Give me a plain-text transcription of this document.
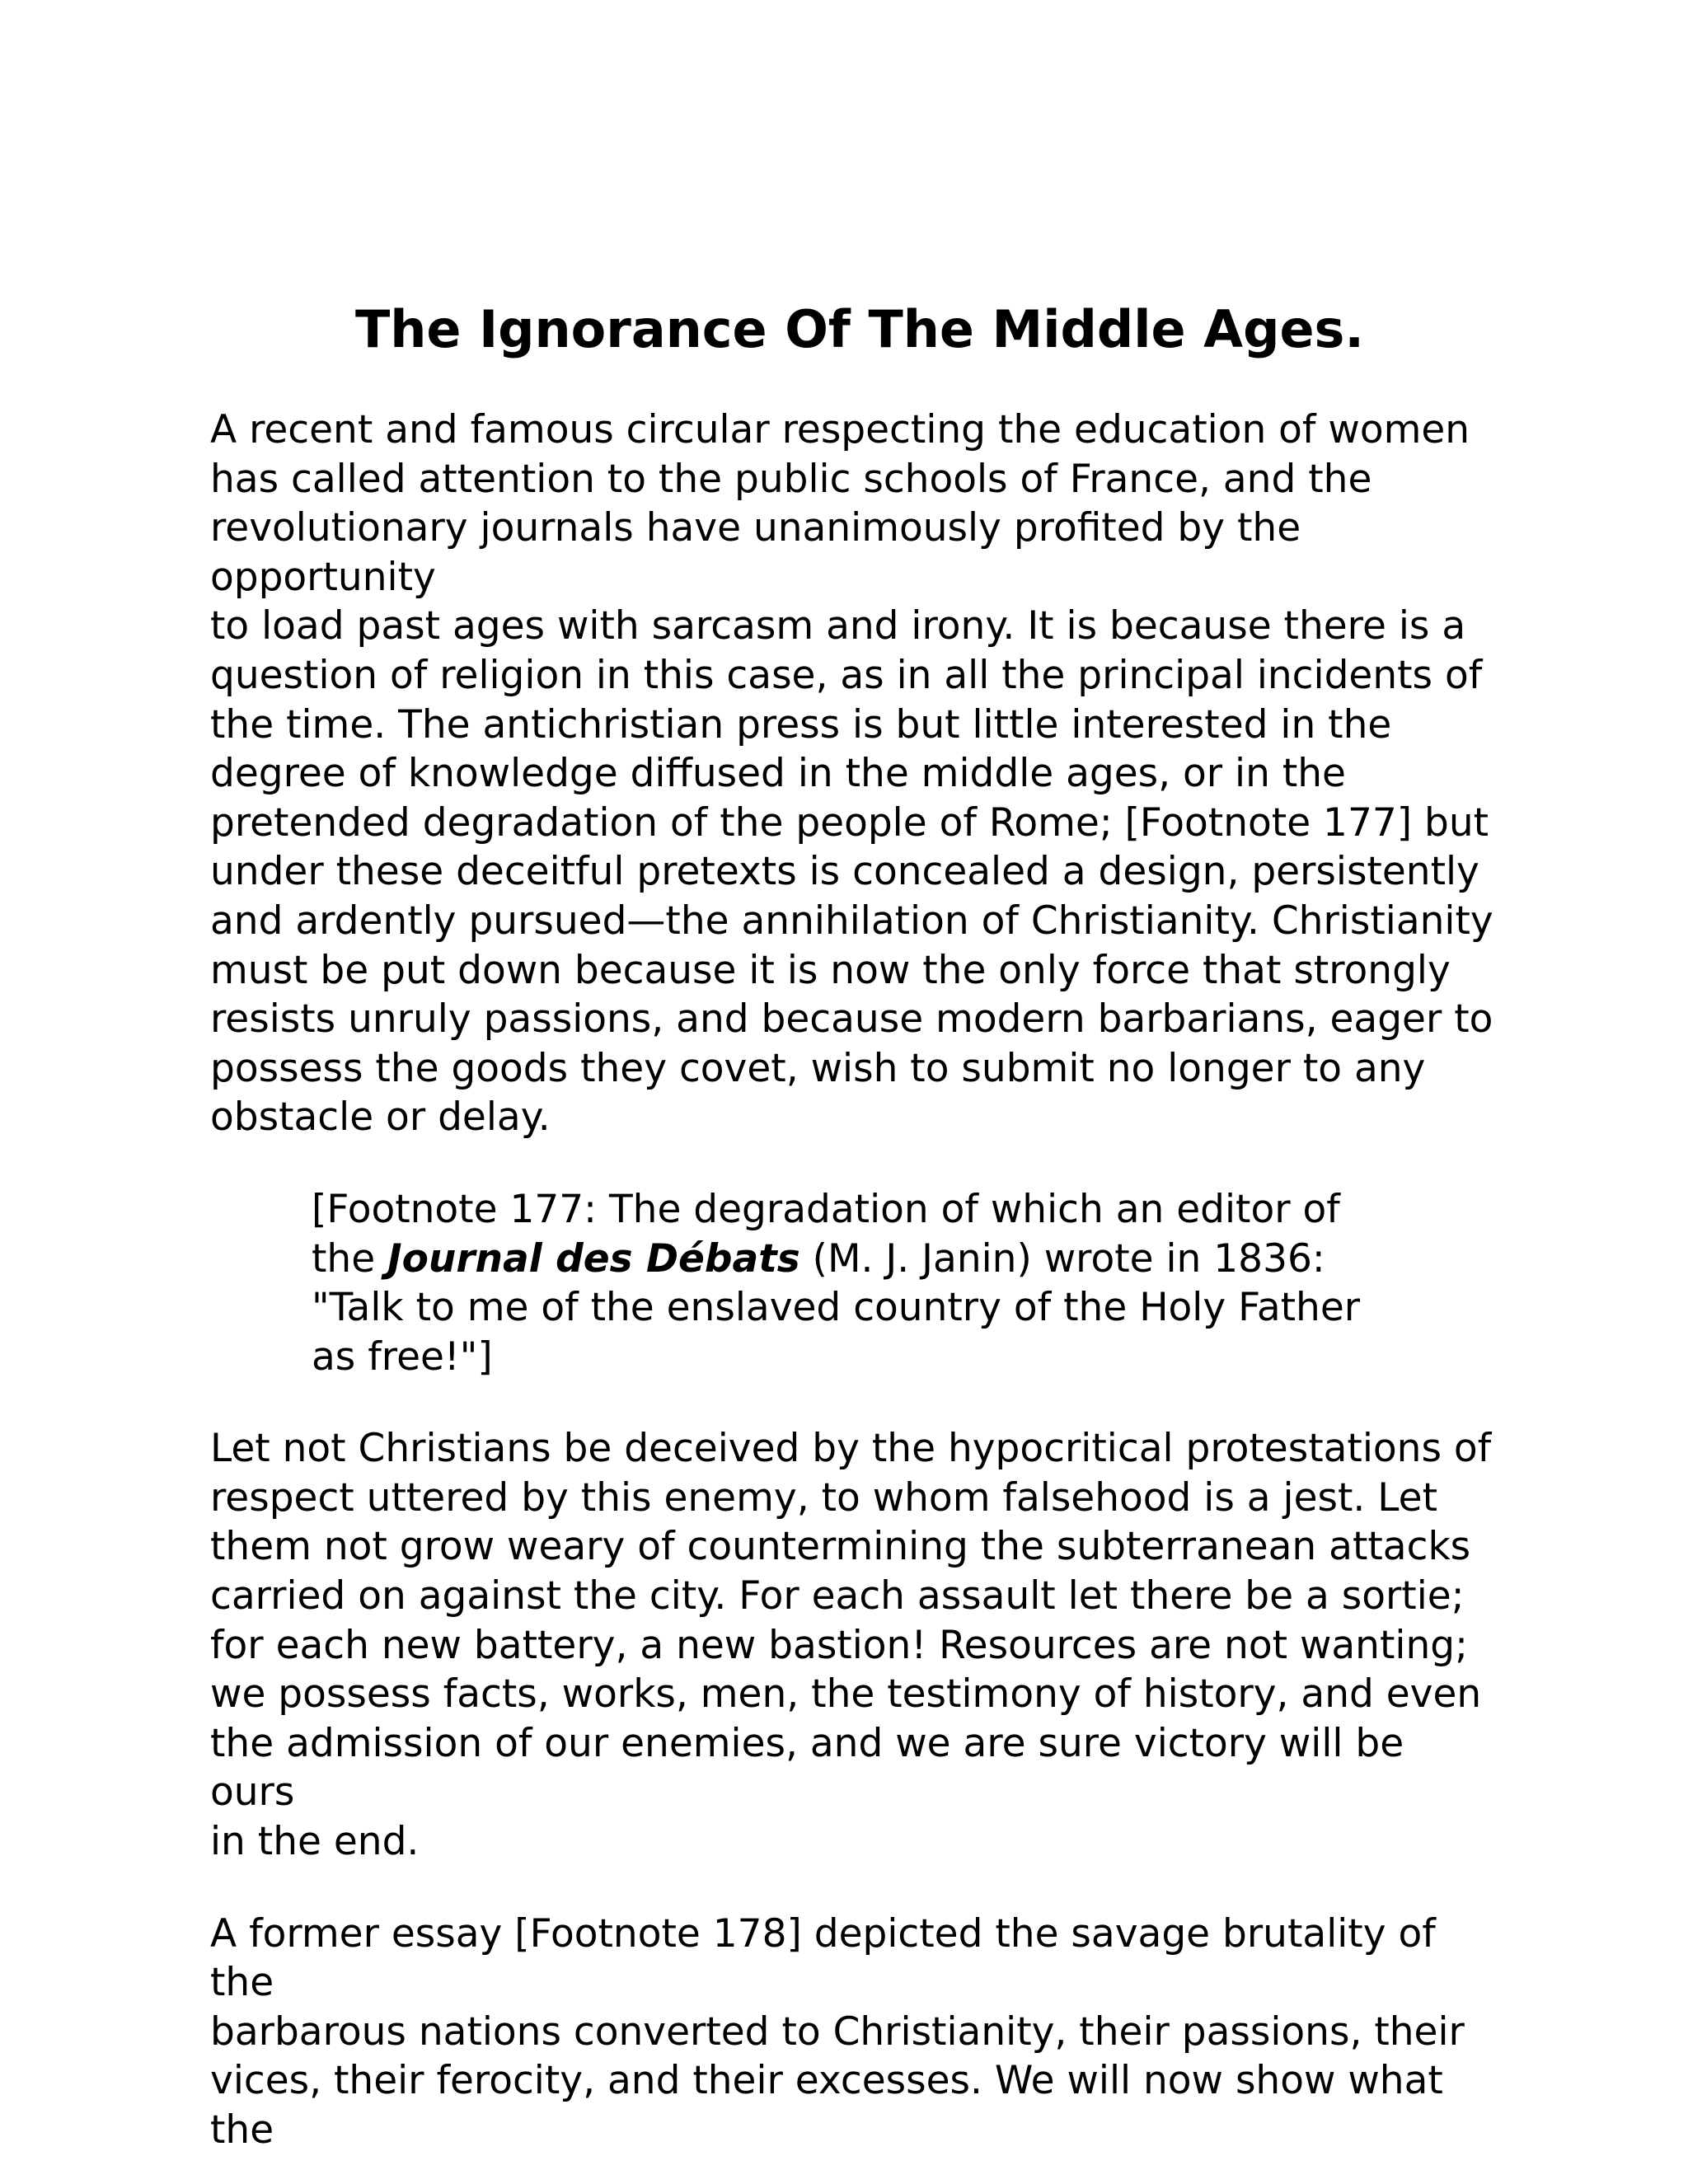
The Ignorance Of The Middle Ages.

A recent and famous circular respecting the education of women
has called attention to the public schools of France, and the
revolutionary journals have unanimously profited by the opportunity
to load past ages with sarcasm and irony. It is because there is a
question of religion in this case, as in all the principal incidents of
the time. The antichristian press is but little interested in the
degree of knowledge diffused in the middle ages, or in the
pretended degradation of the people of Rome; [Footnote 177] but
under these deceitful pretexts is concealed a design, persistently
and ardently pursued—the annihilation of Christianity. Christianity
must be put down because it is now the only force that strongly
resists unruly passions, and because modern barbarians, eager to
possess the goods they covet, wish to submit no longer to any
obstacle or delay.

[Footnote 177: The degradation of which an editor of
the Journal des Débats (M. J. Janin) wrote in 1836:
"Talk to me of the enslaved country of the Holy Father
as free!"]

Let not Christians be deceived by the hypocritical protestations of
respect uttered by this enemy, to whom falsehood is a jest. Let
them not grow weary of countermining the subterranean attacks
carried on against the city. For each assault let there be a sortie;
for each new battery, a new bastion! Resources are not wanting;
we possess facts, works, men, the testimony of history, and even
the admission of our enemies, and we are sure victory will be ours
in the end.

A former essay [Footnote 178] depicted the savage brutality of the
barbarous nations converted to Christianity, their passions, their
vices, their ferocity, and their excesses. We will now show what the
